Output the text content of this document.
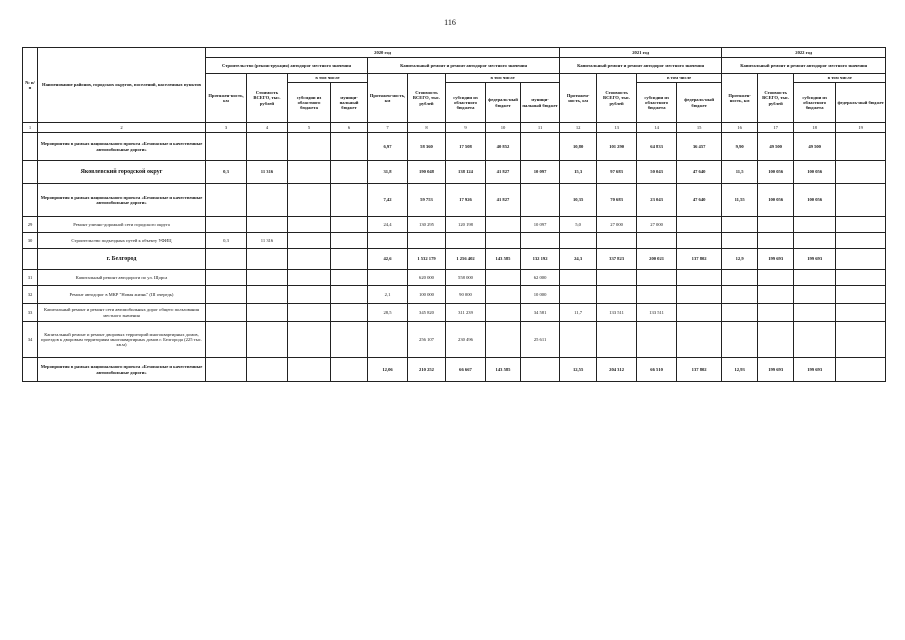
116
№ п/п	Наименование районов, городских округов, поселений, населенных пунктов	2020 год									2021 год				2022 год			
		Строительство (реконструкция) автодорог местного значения				Капитальный ремонт и ремонт автодорог местного значения					Капитальный ремонт и ремонт автодорог местного значения				Капитальный ремонт и ремонт автодорог местного значения			
		Протяжен-ность, км	Стоимость ВСЕГО, тыс. рублей	в том числе		Протяжен-ность, км	Стоимость ВСЕГО, тыс. рублей	в том числе			Протяжен-ность, км	Стоимость ВСЕГО, тыс. рублей	в том числе		Протяжен-ность, км	Стоимость ВСЕГО, тыс. рублей	в том числе	
				субсидии из областного бюджета	муници-пальный бюджет			субсидии из областного бюджета	федераль-ный бюджет	муници-пальный бюджет			субсидии из областного бюджета	федераль-ный бюджет			субсидии из областного бюджета	федераль-ный бюджет
1	2	3	4	5	6	7	8	9	10	11	12	13	14	15	16	17	18	19
	Мероприятия в рамках национального проекта «Безопасные и качественные автомобильные дороги»					6,97	58 360	17 508	40 852		10,80	101 290	64 833	36 457	9,90	49 500	49 500	
	Яковлевский городской округ	0,3	11 316			31,8	190 048	138 124	41 827	10 097	15,3	97 683	50 043	47 640	11,5	100 056	100 056	
	Мероприятия в рамках национального проекта «Безопасные и качественные автомобильные дороги»					7,42	59 753	17 926	41 827		10,35	70 683	23 043	47 640	11,55	100 056	100 056	
29	Ремонт улично-дорожной сети городского округа					24,4	130 295	120 198		10 097	5,0	27 000	27 000					
30	Строительство подъездных путей к объекту УФИЦ	0,3	11 316															
	г. Белгород					42,6	1 532 179	1 256 402	143 585	132 192	24,3	337 823	200 021	137 802	12,9	199 693	199 693	
31	Капитальный ремонт автодороги по ул. Щорса						620 000	558 000		62 000								
32	Ремонт автодорог в МКР "Новая жизнь" (III очередь)					2,1	100 000	90 000		10 000								
33	Капитальный ремонт и ремонт сети автомобильных дорог общего пользования местного значения					28,5	345 820	311 239		34 581	11,7	133 511	133 511					
34	Капитальный ремонт и ремонт дворовых территорий многоквартирных домов, проездов к дворовым территориям многоквартирных домов г. Белгорода (225 тыс. кв.м)						256 107	230 496		25 611								
	Мероприятия в рамках национального проекта «Безопасные и качественные автомобильные дороги»					12,06	210 252	66 667	143 585		12,55	204 312	66 510	137 802	12,93	199 693	199 693	
